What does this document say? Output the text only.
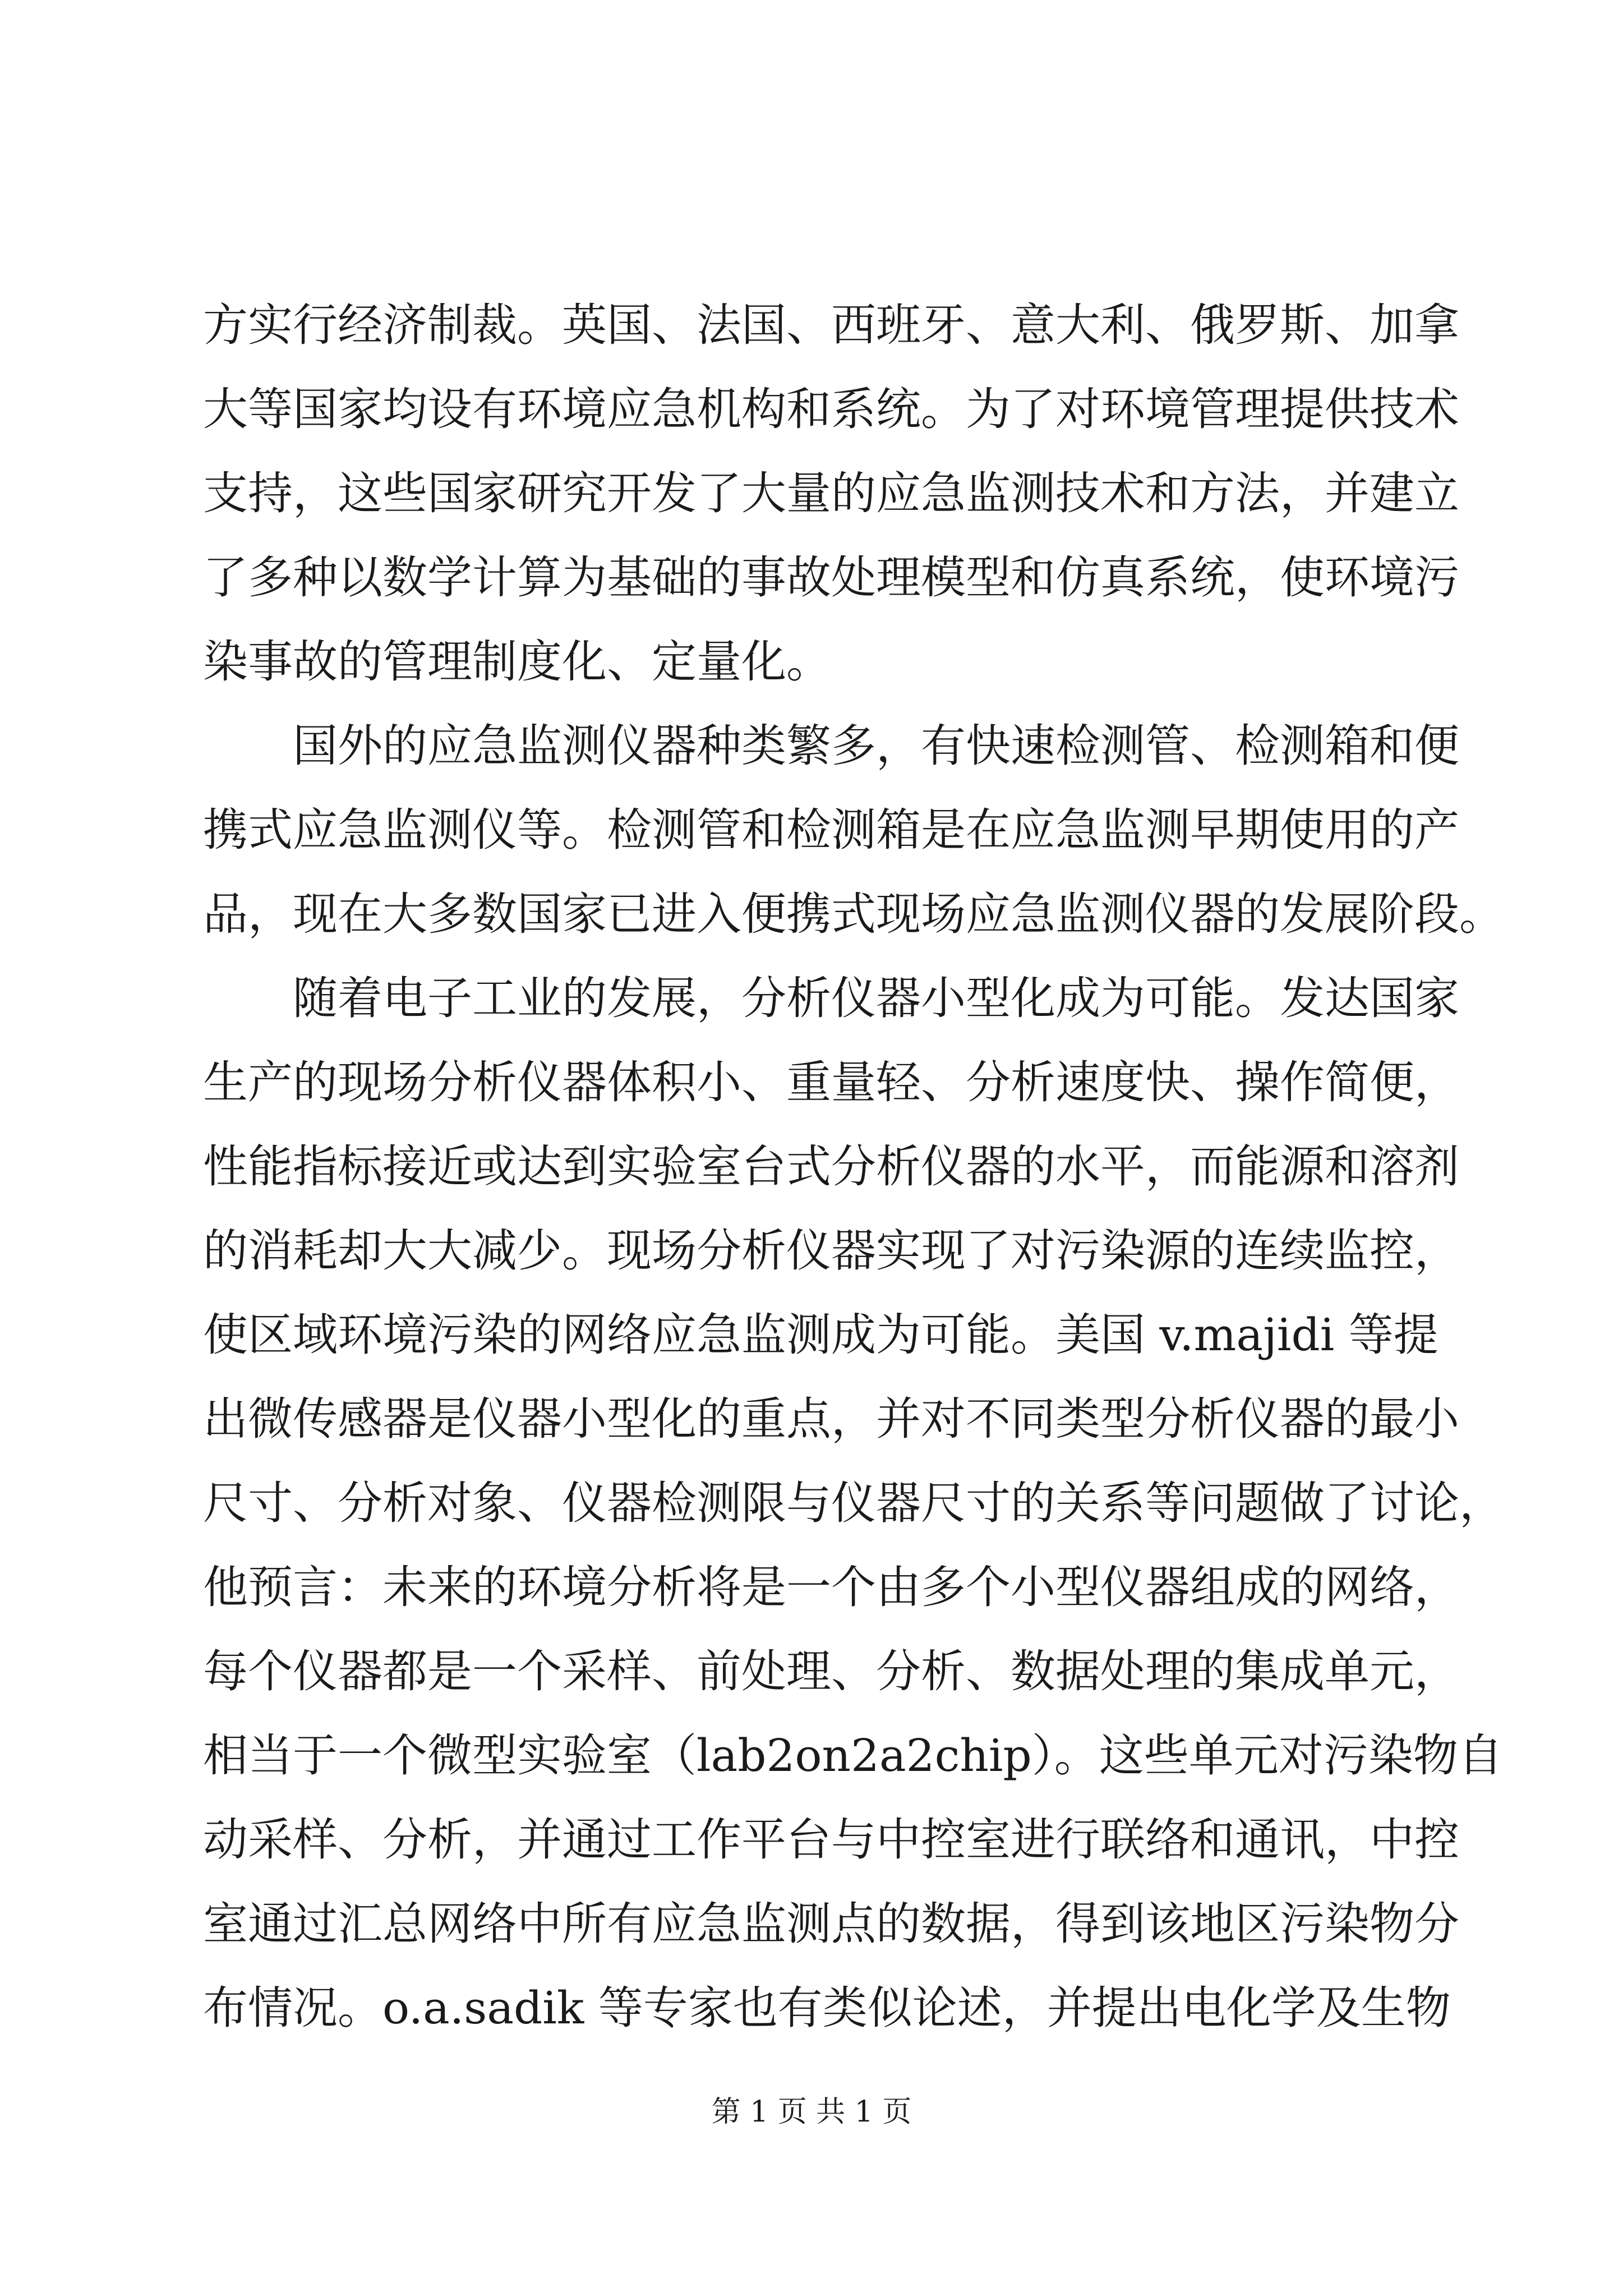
方实行经济制裁。英国、法国、西班牙、意大利、俄罗斯、加拿
大等国家均设有环境应急机构和系统。为了对环境管理提供技术
支持，这些国家研究开发了大量的应急监测技术和方法，并建立
了多种以数学计算为基础的事故处理模型和仿真系统，使环境污
染事故的管理制度化、定量化。
国外的应急监测仪器种类繁多，有快速检测管、检测箱和便
携式应急监测仪等。检测管和检测箱是在应急监测早期使用的产
品，现在大多数国家已进入便携式现场应急监测仪器的发展阶段。
随着电子工业的发展，分析仪器小型化成为可能。发达国家
生产的现场分析仪器体积小、重量轻、分析速度快、操作简便，
性能指标接近或达到实验室台式分析仪器的水平，而能源和溶剂
的消耗却大大减少。现场分析仪器实现了对污染源的连续监控，
使区域环境污染的网络应急监测成为可能。美国 v.majidi 等提
出微传感器是仪器小型化的重点，并对不同类型分析仪器的最小
尺寸、分析对象、仪器检测限与仪器尺寸的关系等问题做了讨论，
他预言：未来的环境分析将是一个由多个小型仪器组成的网络，
每个仪器都是一个采样、前处理、分析、数据处理的集成单元，
相当于一个微型实验室（lab2on2a2chip）。这些单元对污染物自
动采样、分析，并通过工作平台与中控室进行联络和通讯，中控
室通过汇总网络中所有应急监测点的数据，得到该地区污染物分
布情况。o.a.sadik 等专家也有类似论述，并提出电化学及生物
第 1 页 共 1 页
